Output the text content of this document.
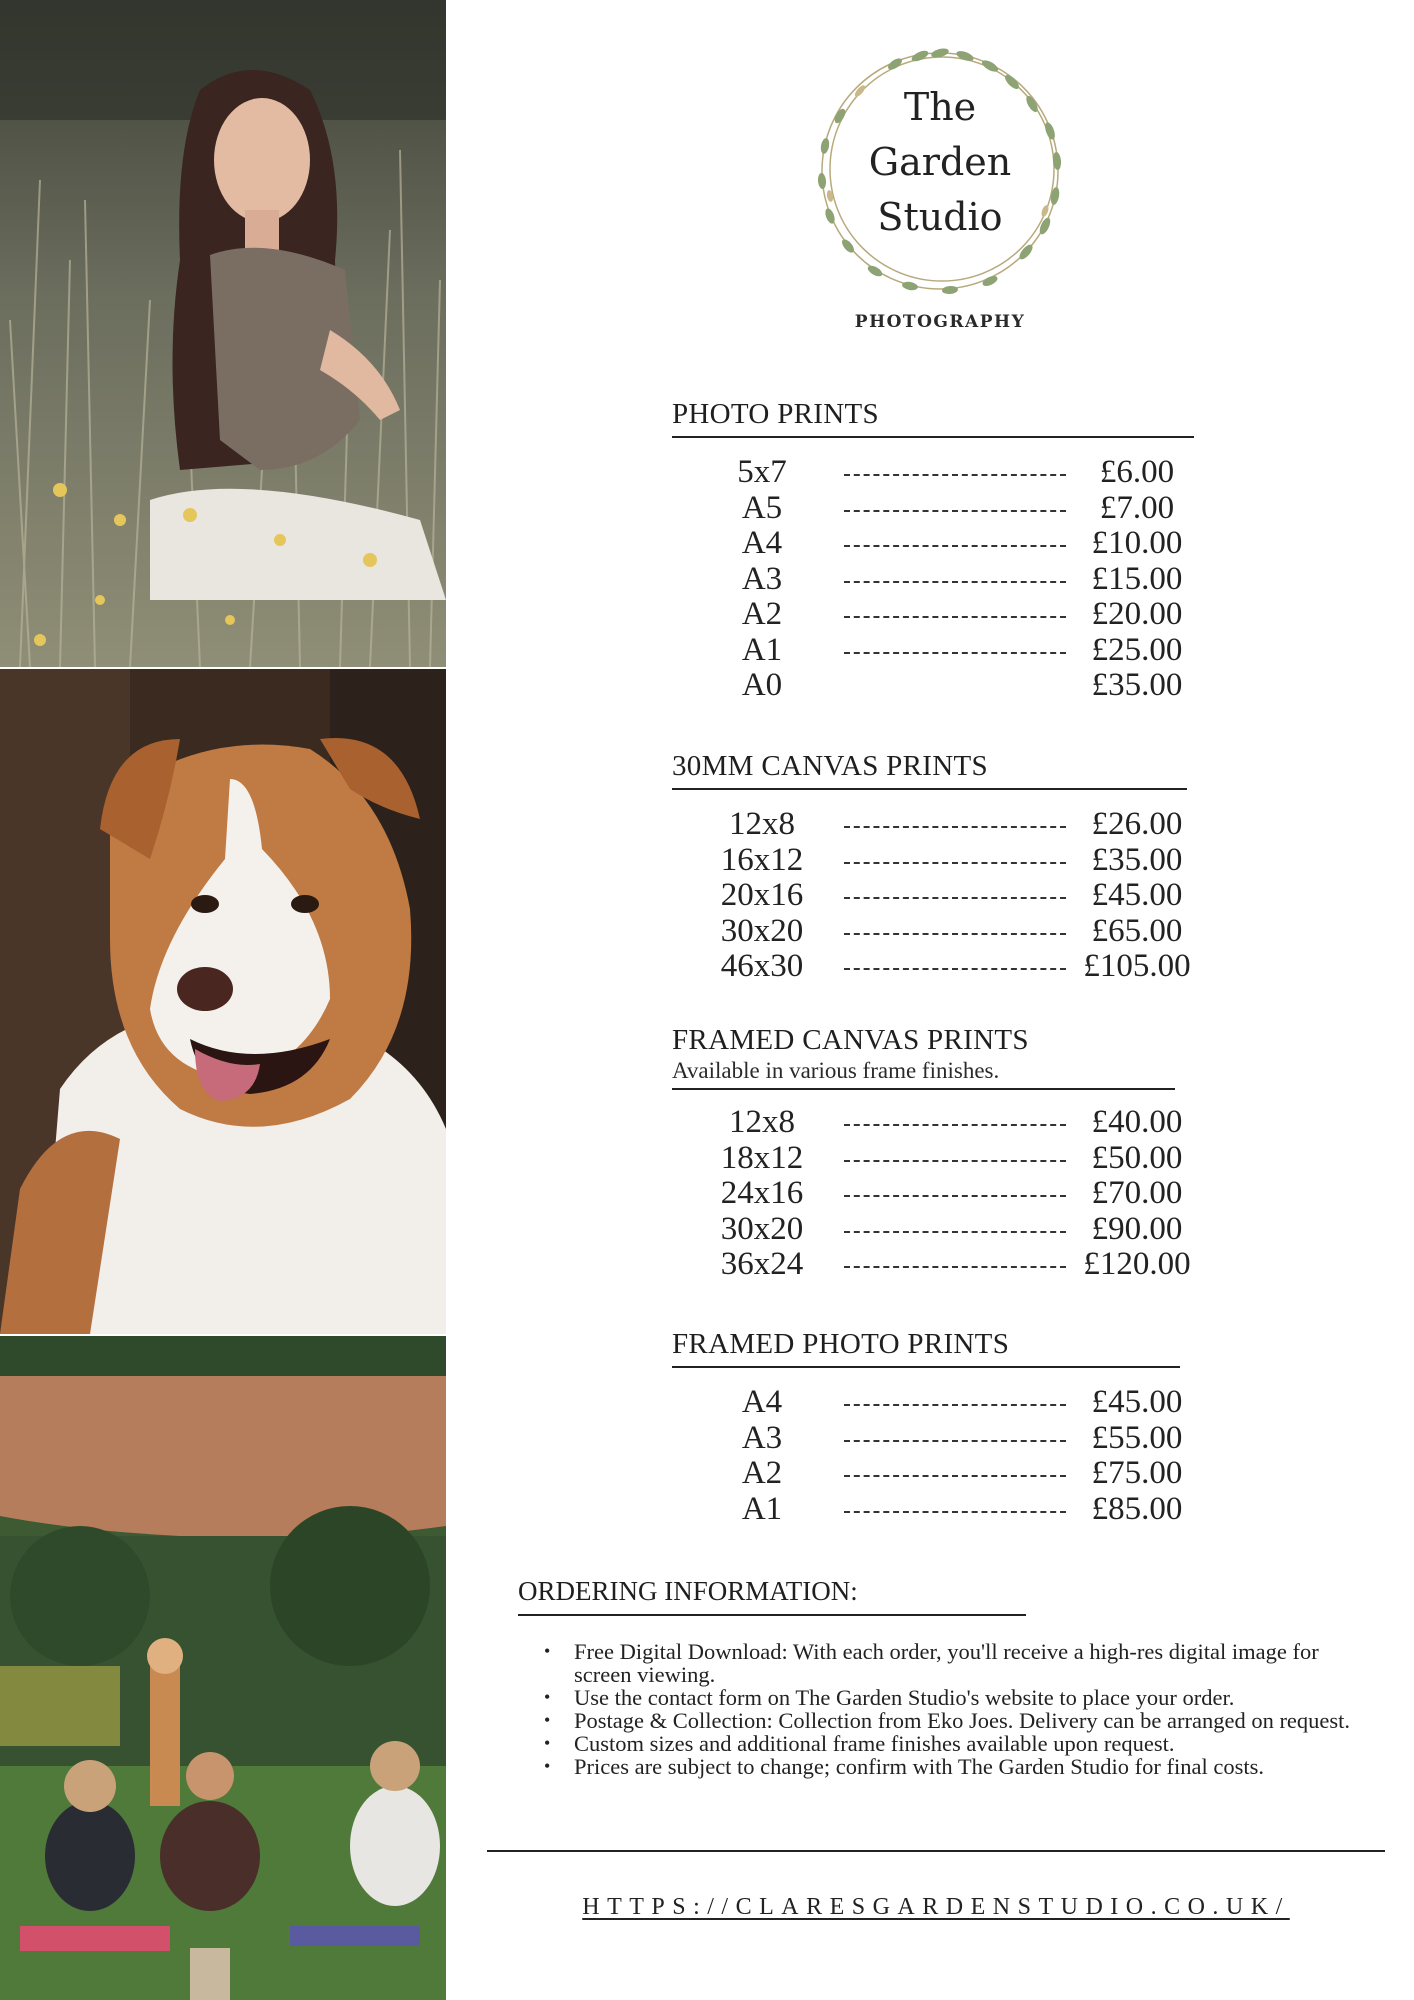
The
Garden
Studio
PHOTOGRAPHY
PHOTO PRINTS
5x7	£6.00
A5	£7.00
A4	£10.00
A3	£15.00
A2	£20.00
A1	£25.00
A0	£35.00
30MM CANVAS PRINTS
12x8	£26.00
16x12	£35.00
20x16	£45.00
30x20	£65.00
46x30	£105.00
FRAMED CANVAS PRINTS
Available in various frame finishes.
12x8	£40.00
18x12	£50.00
24x16	£70.00
30x20	£90.00
36x24	£120.00
FRAMED PHOTO PRINTS
A4	£45.00
A3	£55.00
A2	£75.00
A1	£85.00
ORDERING INFORMATION:
• Free Digital Download: With each order, you'll receive a high-res digital image for screen viewing.
• Use the contact form on The Garden Studio's website to place your order.
• Postage & Collection: Collection from Eko Joes. Delivery can be arranged on request.
• Custom sizes and additional frame finishes available upon request.
• Prices are subject to change; confirm with The Garden Studio for final costs.
HTTPS://CLARESGARDENSTUDIO.CO.UK/
